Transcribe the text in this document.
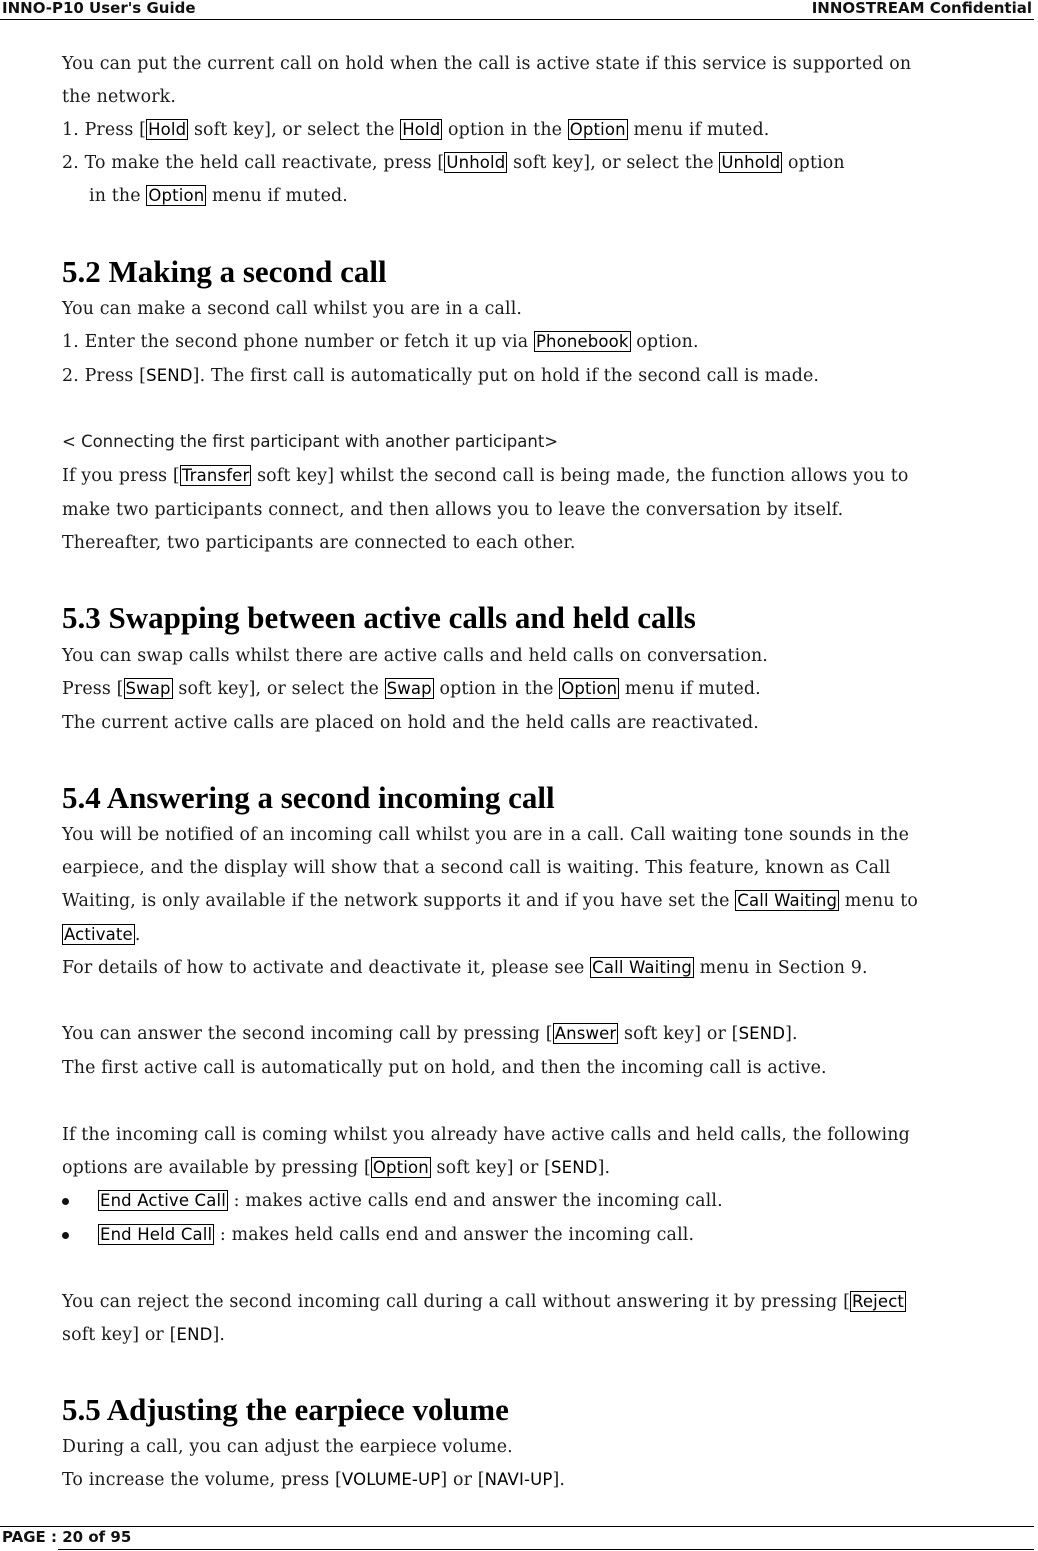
INNO-P10 User's Guide	INNOSTREAM Confidential
You can put the current call on hold when the call is active state if this service is supported on
the network.
1. Press [ Hold soft key], or select the Hold option in the Option menu if muted.
2. To make the held call reactivate, press [ Unhold soft key], or select the Unhold option
in the Option menu if muted.
5.2 Making a second call
You can make a second call whilst you are in a call.
1. Enter the second phone number or fetch it up via Phonebook option.
2. Press [SEND]. The first call is automatically put on hold if the second call is made.
< Connecting the first participant with another participant>
If you press [ Transfer soft key] whilst the second call is being made, the function allows you to
make two participants connect, and then allows you to leave the conversation by itself.
Thereafter, two participants are connected to each other.
5.3 Swapping between active calls and held calls
You can swap calls whilst there are active calls and held calls on conversation.
Press [ Swap soft key], or select the Swap option in the Option menu if muted.
The current active calls are placed on hold and the held calls are reactivated.
5.4 Answering a second incoming call
You will be notified of an incoming call whilst you are in a call. Call waiting tone sounds in the
earpiece, and the display will show that a second call is waiting. This feature, known as Call
Waiting, is only available if the network supports it and if you have set the Call Waiting menu to
Activate .
For details of how to activate and deactivate it, please see Call Waiting menu in Section 9.
You can answer the second incoming call by pressing [ Answer soft key] or [SEND].
The first active call is automatically put on hold, and then the incoming call is active.
If the incoming call is coming whilst you already have active calls and held calls, the following
options are available by pressing [ Option soft key] or [SEND].
End Active Call : makes active calls end and answer the incoming call.
End Held Call : makes held calls end and answer the incoming call.
You can reject the second incoming call during a call without answering it by pressing [ Reject
soft key] or [END].
5.5 Adjusting the earpiece volume
During a call, you can adjust the earpiece volume.
To increase the volume, press [VOLUME-UP] or [NAVI-UP].
PAGE : 20 of 95
